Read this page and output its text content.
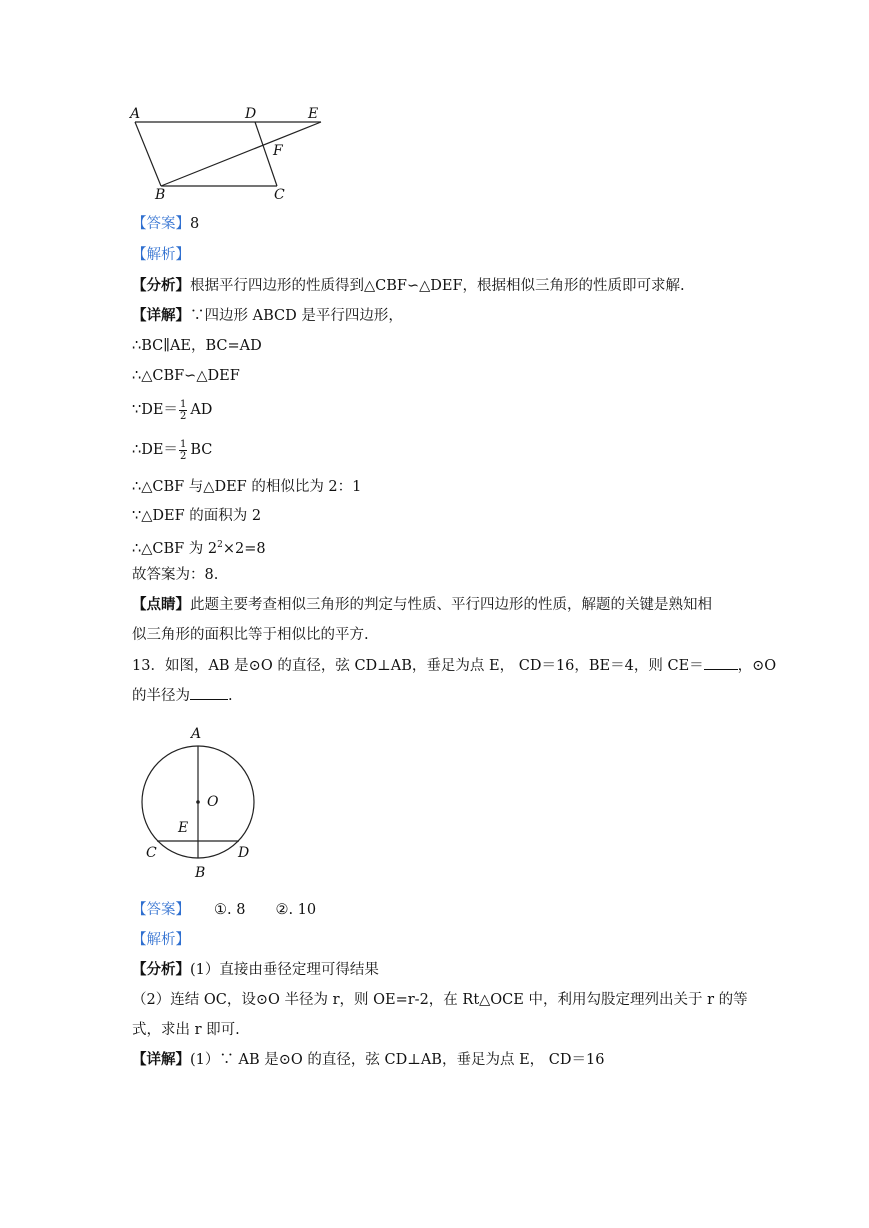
A	D	E
F
B	C
【答案】8
【解析】
【分析】根据平行四边形的性质得到△CBF∽△DEF，根据相似三角形的性质即可求解.
【详解】∵四边形 ABCD 是平行四边形，
∴BC∥AE，BC=AD
∴△CBF∽△DEF
∵DE＝ $\frac{1}{2}$ AD
∴DE＝ $\frac{1}{2}$ BC
∴△CBF 与△DEF 的相似比为 2：1
∵△DEF 的面积为 2
∴△CBF 为 $2^2\times 2=8$
故答案为：8.
【点睛】此题主要考查相似三角形的判定与性质、平行四边形的性质，解题的关键是熟知相
似三角形的面积比等于相似比的平方.
13．如图，AB 是⊙O 的直径，弦 CD⊥AB，垂足为点 E， CD＝16，BE＝4，则 CE＝ ，⊙O
的半径为	.
A
O
E
C	D
B
【答案】 ①. 8 ②. 10
【解析】
【分析】(1）直接由垂径定理可得结果
（2）连结 OC，设⊙O 半径为 r，则 OE=r-2，在 Rt△OCE 中，利用勾股定理列出关于 r 的等
式，求出 r 即可.
【详解】(1）∵ AB 是⊙O 的直径，弦 CD⊥AB，垂足为点 E， CD＝16
